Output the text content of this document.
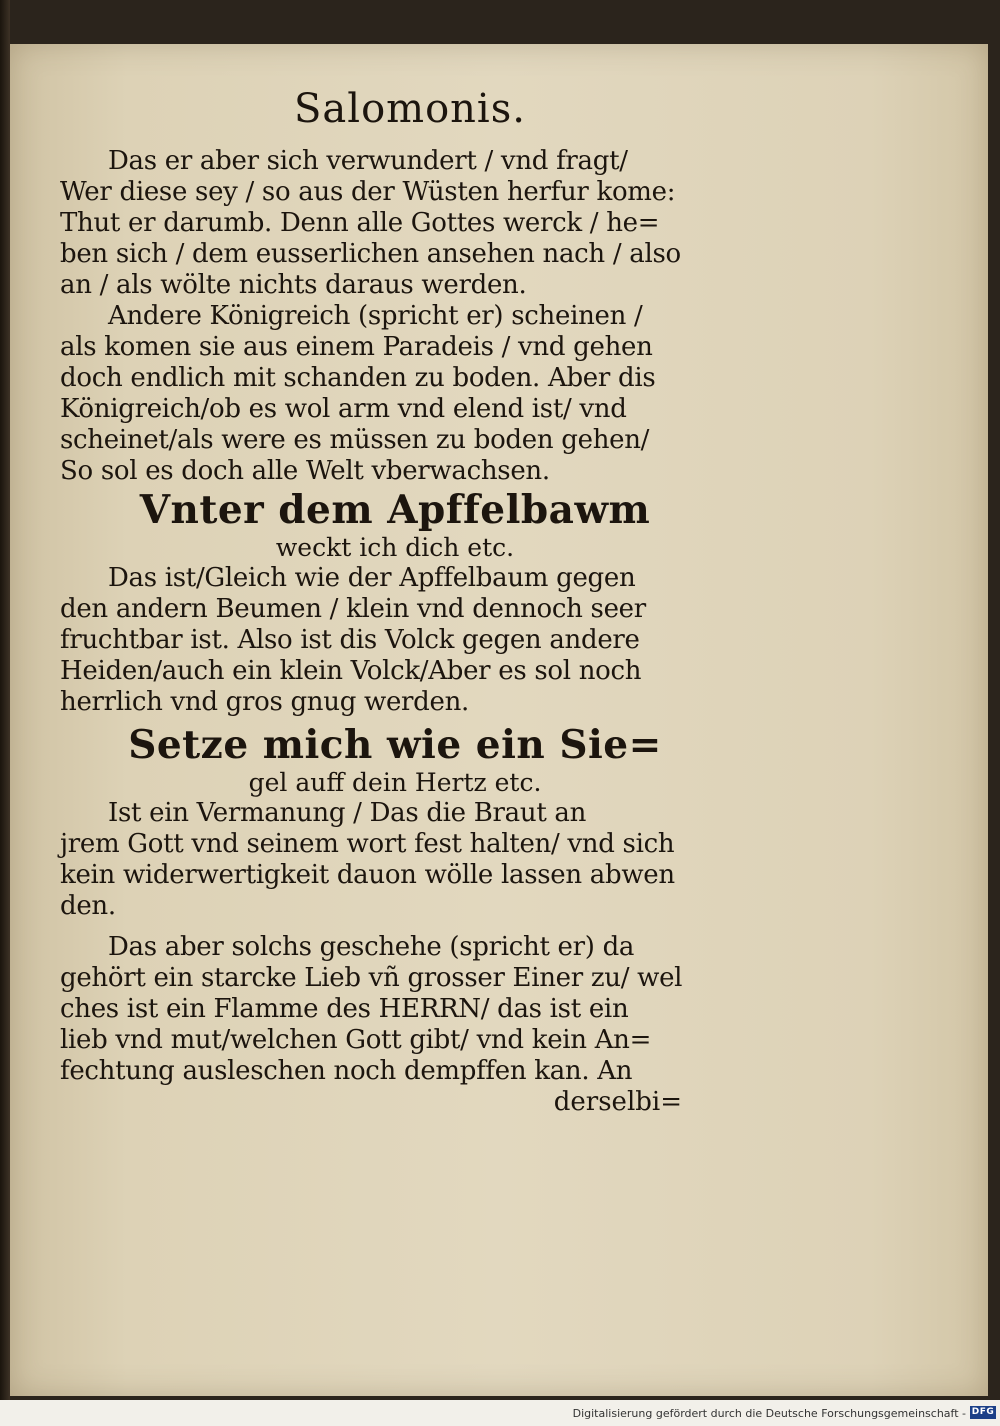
Salomonis.
Das er aber sich verwundert / vnd fragt/
Wer diese sey / so aus der Wüsten herfur kome:
Thut er darumb. Denn alle Gottes werck / he=
ben sich / dem eusserlichen ansehen nach / also
an / als wölte nichts daraus werden.
Andere Königreich (spricht er) scheinen /
als komen sie aus einem Paradeis / vnd gehen
doch endlich mit schanden zu boden. Aber dis
Königreich/ob es wol arm vnd elend ist/ vnd
scheinet/als were es müssen zu boden gehen/
So sol es doch alle Welt vberwachsen.
Vnter dem Apffelbawm
weckt ich dich etc.
Das ist/Gleich wie der Apffelbaum gegen
den andern Beumen / klein vnd dennoch seer
fruchtbar ist. Also ist dis Volck gegen andere
Heiden/auch ein klein Volck/Aber es sol noch
herrlich vnd gros gnug werden.
Setze mich wie ein Sie=
gel auff dein Hertz etc.
Ist ein Vermanung / Das die Braut an
jrem Gott vnd seinem wort fest halten/ vnd sich
kein widerwertigkeit dauon wölle lassen abwen
den.
Das aber solchs geschehe (spricht er) da
gehört ein starcke Lieb vñ grosser Einer zu/ wel
ches ist ein Flamme des HERRN/ das ist ein
lieb vnd mut/welchen Gott gibt/ vnd kein An=
fechtung ausleschen noch dempffen kan. An
derselbi=
Digitalisierung gefördert durch die Deutsche Forschungsgemeinschaft - DFG
